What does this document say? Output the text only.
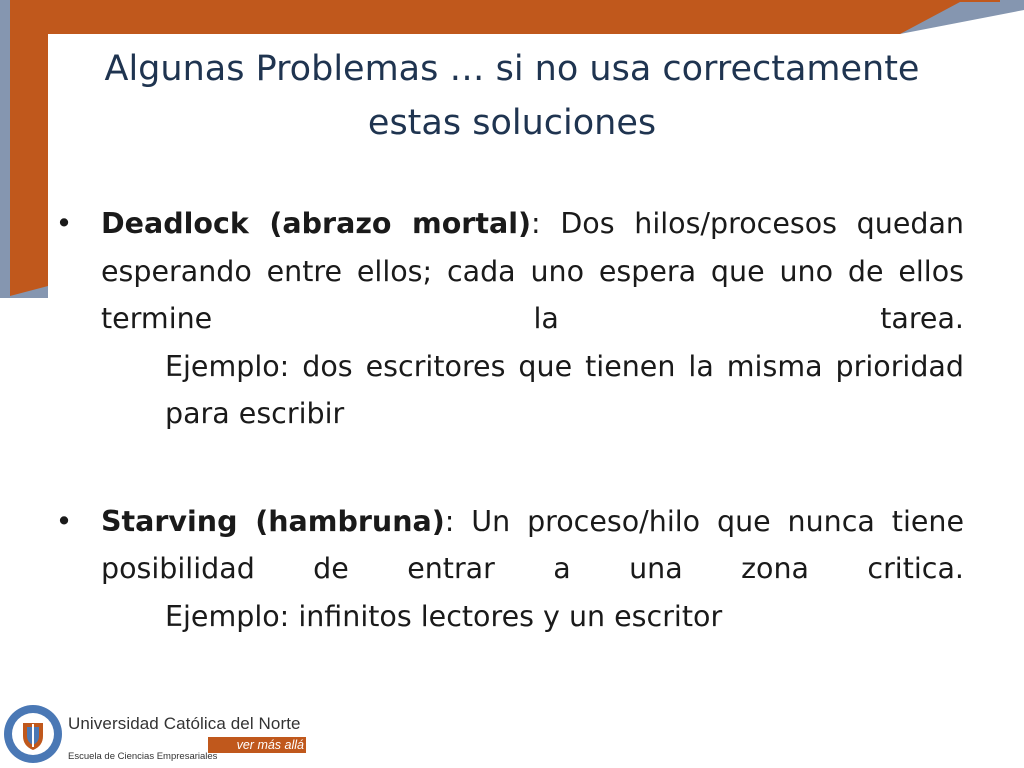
Algunas Problemas … si no usa correctamente estas soluciones
• Deadlock (abrazo mortal): Dos hilos/procesos quedan esperando entre ellos; cada uno espera que uno de ellos termine la tarea. Ejemplo: dos escritores que tienen la misma prioridad para escribir
• Starving (hambruna): Un proceso/hilo que nunca tiene posibilidad de entrar a una zona critica. Ejemplo: infinitos lectores y un escritor
Universidad Católica del Norte
ver más allá
Escuela de Ciencias Empresariales
